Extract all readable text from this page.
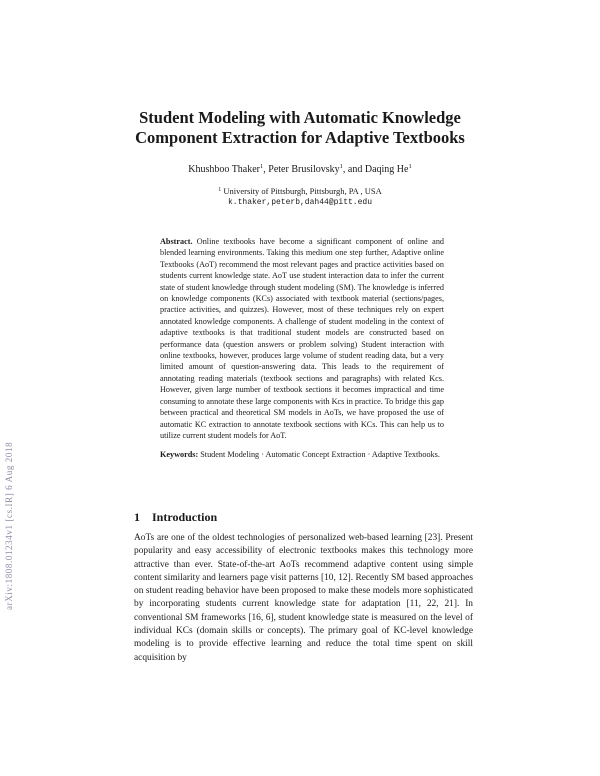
arXiv:1808.01234v1 [cs.IR] 6 Aug 2018
Student Modeling with Automatic Knowledge
Component Extraction for Adaptive Textbooks
Khushboo Thaker$^1$, Peter Brusilovsky$^1$, and Daqing He$^1$
$^1$ University of Pittsburgh, Pittsburgh, PA , USA
k.thaker,peterb,dah44@pitt.edu

Abstract. Online textbooks have become a significant component of online and blended learning environments. Taking this medium one step further, Adaptive online Textbooks (AoT) recommend the most relevant pages and practice activities based on students current knowledge state. AoT use student interaction data to infer the current state of student knowledge through student modeling (SM). The knowledge is inferred on knowledge components (KCs) associated with textbook material (sections/pages, practice activities, and quizzes). However, most of these techniques rely on expert annotated knowledge components. A challenge of student modeling in the context of adaptive textbooks is that traditional student models are constructed based on performance data (question answers or problem solving) Student interaction with online textbooks, however, produces large volume of student reading data, but a very limited amount of question-answering data. This leads to the requirement of annotating reading materials (textbook sections and paragraphs) with related Kcs. However, given large number of textbook sections it becomes impractical and time consuming to annotate these large components with Kcs in practice. To bridge this gap between practical and theoretical SM models in AoTs, we have proposed the use of automatic KC extraction to annotate textbook sections with KCs. This can help us to utilize current student models for AoT.

Keywords: Student Modeling · Automatic Concept Extraction · Adaptive Textbooks.

1 Introduction

AoTs are one of the oldest technologies of personalized web-based learning [23]. Present popularity and easy accessibility of electronic textbooks makes this technology more attractive than ever. State-of-the-art AoTs recommend adaptive content using simple content similarity and learners page visit patterns [10, 12]. Recently SM based approaches on student reading behavior have been proposed to make these models more sophisticated by incorporating students current knowledge state for adaptation [11, 22, 21]. In conventional SM frameworks [16, 6], student knowledge state is measured on the level of individual KCs (domain skills or concepts). The primary goal of KC-level knowledge modeling is to provide effective learning and reduce the total time spent on skill acquisition by
